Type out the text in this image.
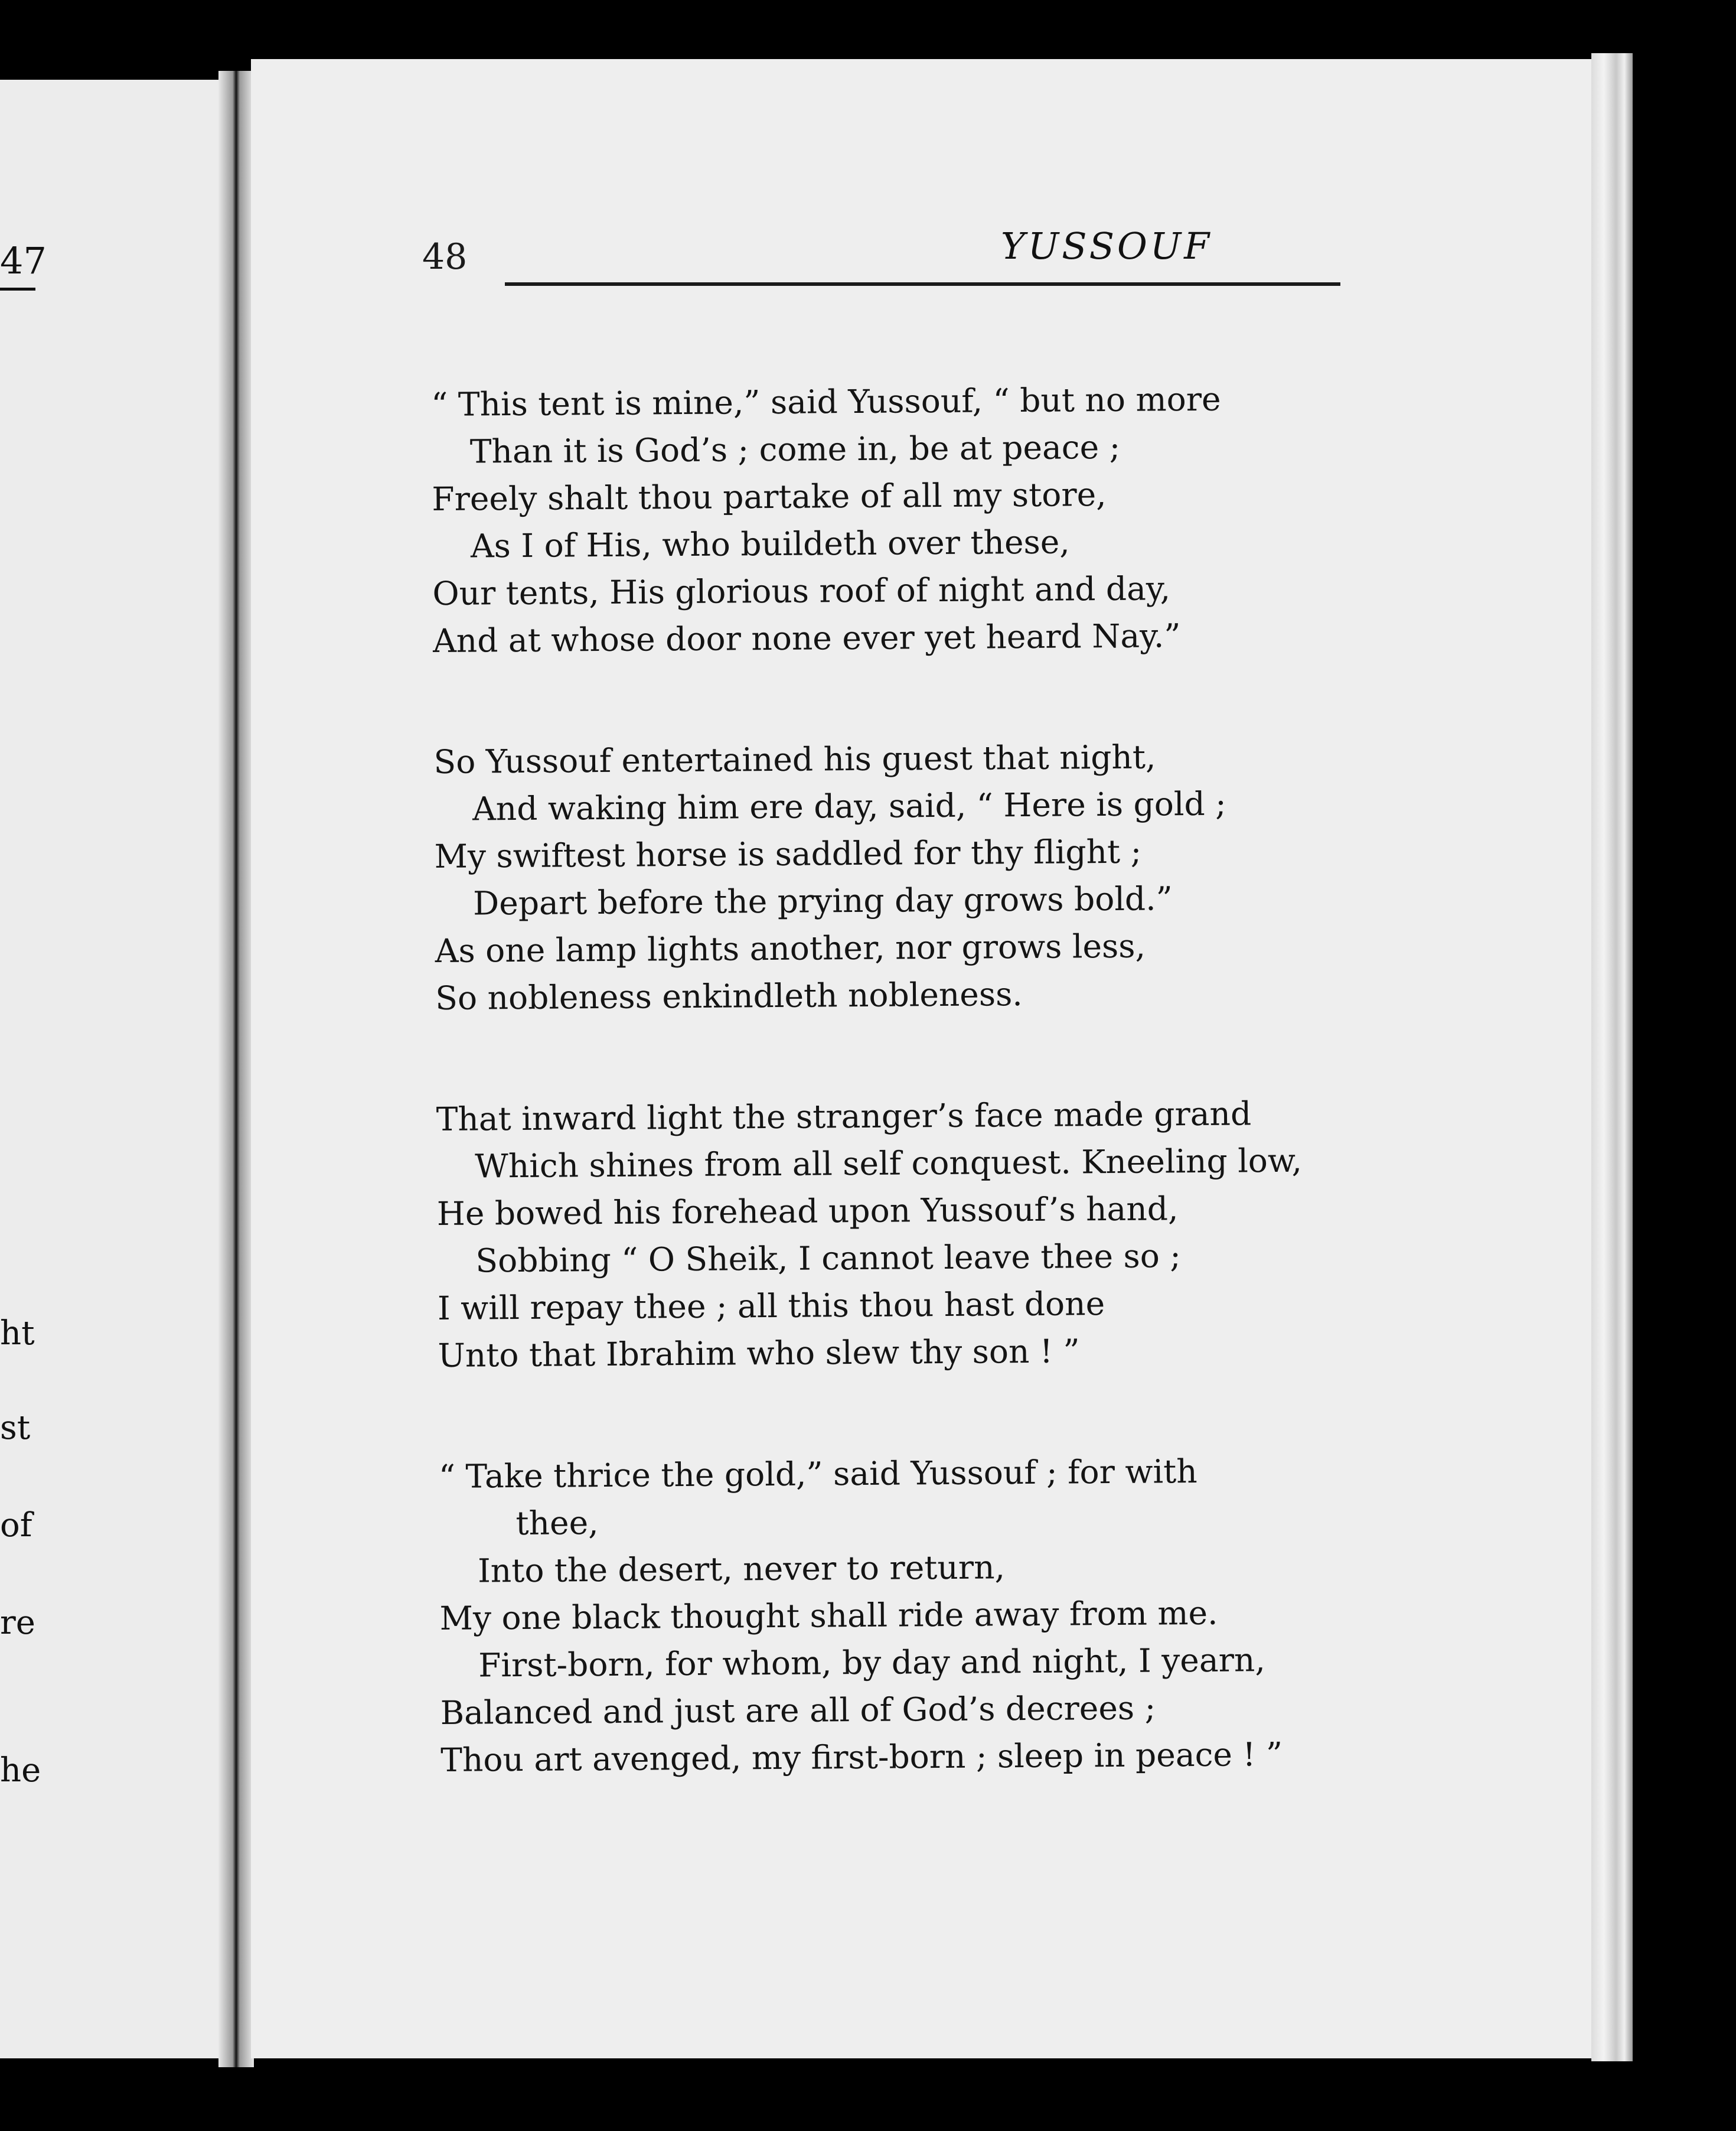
47
ht
st
of
re
he
48	YUSSOUF
“ This tent is mine,” said Yussouf, “ but no more
Than it is God’s ; come in, be at peace ;
Freely shalt thou partake of all my store,
As I of His, who buildeth over these,
Our tents, His glorious roof of night and day,
And at whose door none ever yet heard Nay.”
So Yussouf entertained his guest that night,
And waking him ere day, said, “ Here is gold ;
My swiftest horse is saddled for thy flight ;
Depart before the prying day grows bold.”
As one lamp lights another, nor grows less,
So nobleness enkindleth nobleness.
That inward light the stranger’s face made grand
Which shines from all self conquest. Kneeling low,
He bowed his forehead upon Yussouf’s hand,
Sobbing “ O Sheik, I cannot leave thee so ;
I will repay thee ; all this thou hast done
Unto that Ibrahim who slew thy son ! ”
“ Take thrice the gold,” said Yussouf ; for with
thee,
Into the desert, never to return,
My one black thought shall ride away from me.
First-born, for whom, by day and night, I yearn,
Balanced and just are all of God’s decrees ;
Thou art avenged, my first-born ; sleep in peace ! ”
